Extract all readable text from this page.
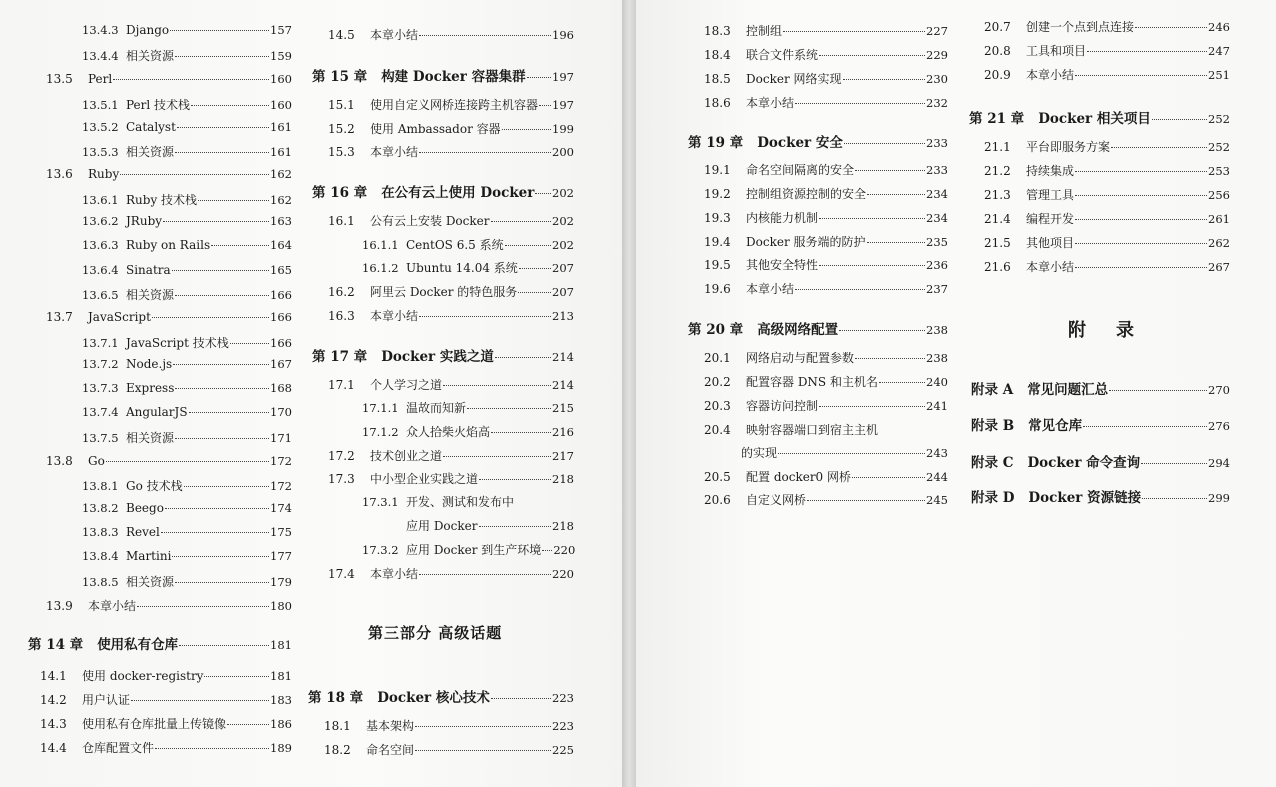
13.4.3 Django	157
13.4.4 相关资源	159
13.5	Perl	160
13.5.1 Perl 技术栈	160
13.5.2 Catalyst	161
13.5.3 相关资源	161
13.6	Ruby	162
13.6.1 Ruby 技术栈	162
13.6.2 JRuby	163
13.6.3 Ruby on Rails	164
13.6.4 Sinatra	165
13.6.5 相关资源	166
13.7	JavaScript	166
13.7.1 JavaScript 技术栈	166
13.7.2 Node.js	167
13.7.3 Express	168
13.7.4 AngularJS	170
13.7.5 相关资源	171
13.8	Go	172
13.8.1 Go 技术栈	172
13.8.2 Beego	174
13.8.3 Revel	175
13.8.4 Martini	177
13.8.5 相关资源	179
13.9	本章小结	180
第 14 章 使用私有仓库	181
14.1	使用 docker-registry	181
14.2	用户认证	183
14.3	使用私有仓库批量上传镜像	186
14.4	仓库配置文件	189
14.5	本章小结	196
第 15 章 构建 Docker 容器集群 197
15.1	使用自定义网桥连接跨主机容器 197
15.2	使用 Ambassador 容器	199
15.3	本章小结	200
第 16 章 在公有云上使用 Docker 202
16.1	公有云上安装 Docker	202
16.1.1 CentOS 6.5 系统	202
16.1.2 Ubuntu 14.04 系统	207
16.2	阿里云 Docker 的特色服务	207
16.3	本章小结	213
第 17 章 Docker 实践之道	214
17.1	个人学习之道	214
17.1.1 温故而知新	215
17.1.2 众人拾柴火焰高	216
17.2	技术创业之道	217
17.3	中小型企业实践之道	218
17.3.1 开发、测试和发布中
应用 Docker	218
17.3.2 应用 Docker 到生产环境 220
17.4	本章小结	220
第 18 章 Docker 核心技术	223
18.1	基本架构	223
18.2	命名空间	225
18.3	控制组	227
18.4	联合文件系统	229
18.5	Docker 网络实现	230
18.6	本章小结	232
第 19 章 Docker 安全	233
19.1	命名空间隔离的安全	233
19.2	控制组资源控制的安全	234
19.3	内核能力机制	234
19.4	Docker 服务端的防护	235
19.5	其他安全特性	236
19.6	本章小结	237
第 20 章 高级网络配置	238
20.1	网络启动与配置参数	238
20.2	配置容器 DNS 和主机名	240
20.3	容器访问控制	241
20.4	映射容器端口到宿主主机
的实现	243
20.5	配置 docker0 网桥	244
20.6	自定义网桥	245
20.7	创建一个点到点连接	246
20.8	工具和项目	247
20.9	本章小结	251
第 21 章 Docker 相关项目	252
21.1	平台即服务方案	252
21.2	持续集成	253
21.3	管理工具	256
21.4	编程开发	261
21.5	其他项目	262
21.6	本章小结	267
附录 A 常见问题汇总	270
附录 B 常见仓库	276
附录 C Docker 命令查询	294
附录 D Docker 资源链接	299
第三部分 高级话题
附录
